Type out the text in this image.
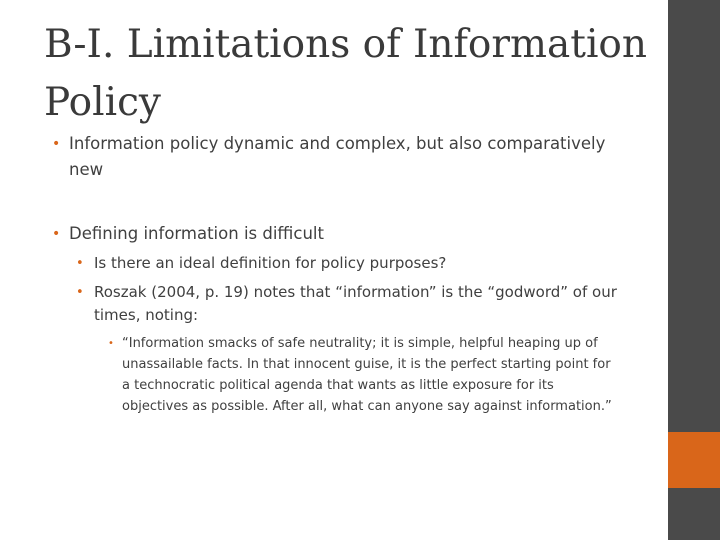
B-I. Limitations of Information Policy
• Information policy dynamic and complex, but also comparatively new
• Defining information is difficult
• Is there an ideal definition for policy purposes?
• Roszak (2004, p. 19) notes that “information” is the “godword” of our times, noting:
• “Information smacks of safe neutrality; it is simple, helpful heaping up of unassailable facts. In that innocent guise, it is the perfect starting point for a technocratic political agenda that wants as little exposure for its objectives as possible. After all, what can anyone say against information.”
